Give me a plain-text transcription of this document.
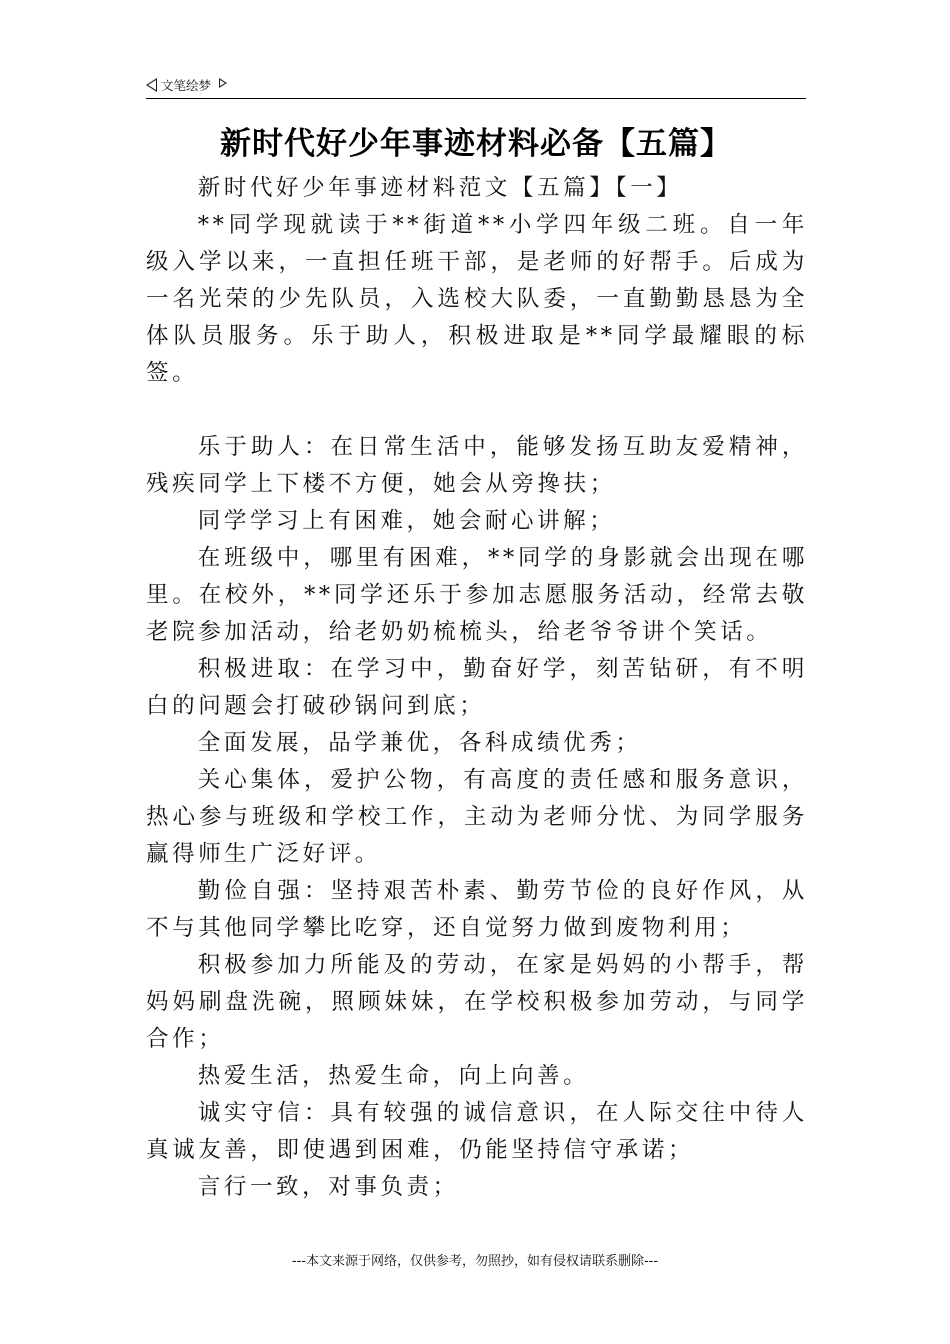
文笔绘梦
新时代好少年事迹材料必备【五篇】

新时代好少年事迹材料范文【五篇】【一】

**同学现就读于**街道**小学四年级二班。自一年级入学以来，一直担任班干部，是老师的好帮手。后成为一名光荣的少先队员，入选校大队委，一直勤勤恳恳为全体队员服务。乐于助人，积极进取是**同学最耀眼的标签。

乐于助人：在日常生活中，能够发扬互助友爱精神，残疾同学上下楼不方便，她会从旁搀扶；

同学学习上有困难，她会耐心讲解；

在班级中，哪里有困难，**同学的身影就会出现在哪里。在校外，**同学还乐于参加志愿服务活动，经常去敬老院参加活动，给老奶奶梳梳头，给老爷爷讲个笑话。

积极进取：在学习中，勤奋好学，刻苦钻研，有不明白的问题会打破砂锅问到底；

全面发展，品学兼优，各科成绩优秀；

关心集体，爱护公物，有高度的责任感和服务意识，热心参与班级和学校工作，主动为老师分忧、为同学服务赢得师生广泛好评。

勤俭自强：坚持艰苦朴素、勤劳节俭的良好作风，从不与其他同学攀比吃穿，还自觉努力做到废物利用；

积极参加力所能及的劳动，在家是妈妈的小帮手，帮妈妈刷盘洗碗，照顾妹妹，在学校积极参加劳动，与同学合作；

热爱生活，热爱生命，向上向善。

诚实守信：具有较强的诚信意识，在人际交往中待人真诚友善，即使遇到困难，仍能坚持信守承诺；

言行一致，对事负责；

---本文来源于网络，仅供参考，勿照抄，如有侵权请联系删除---
